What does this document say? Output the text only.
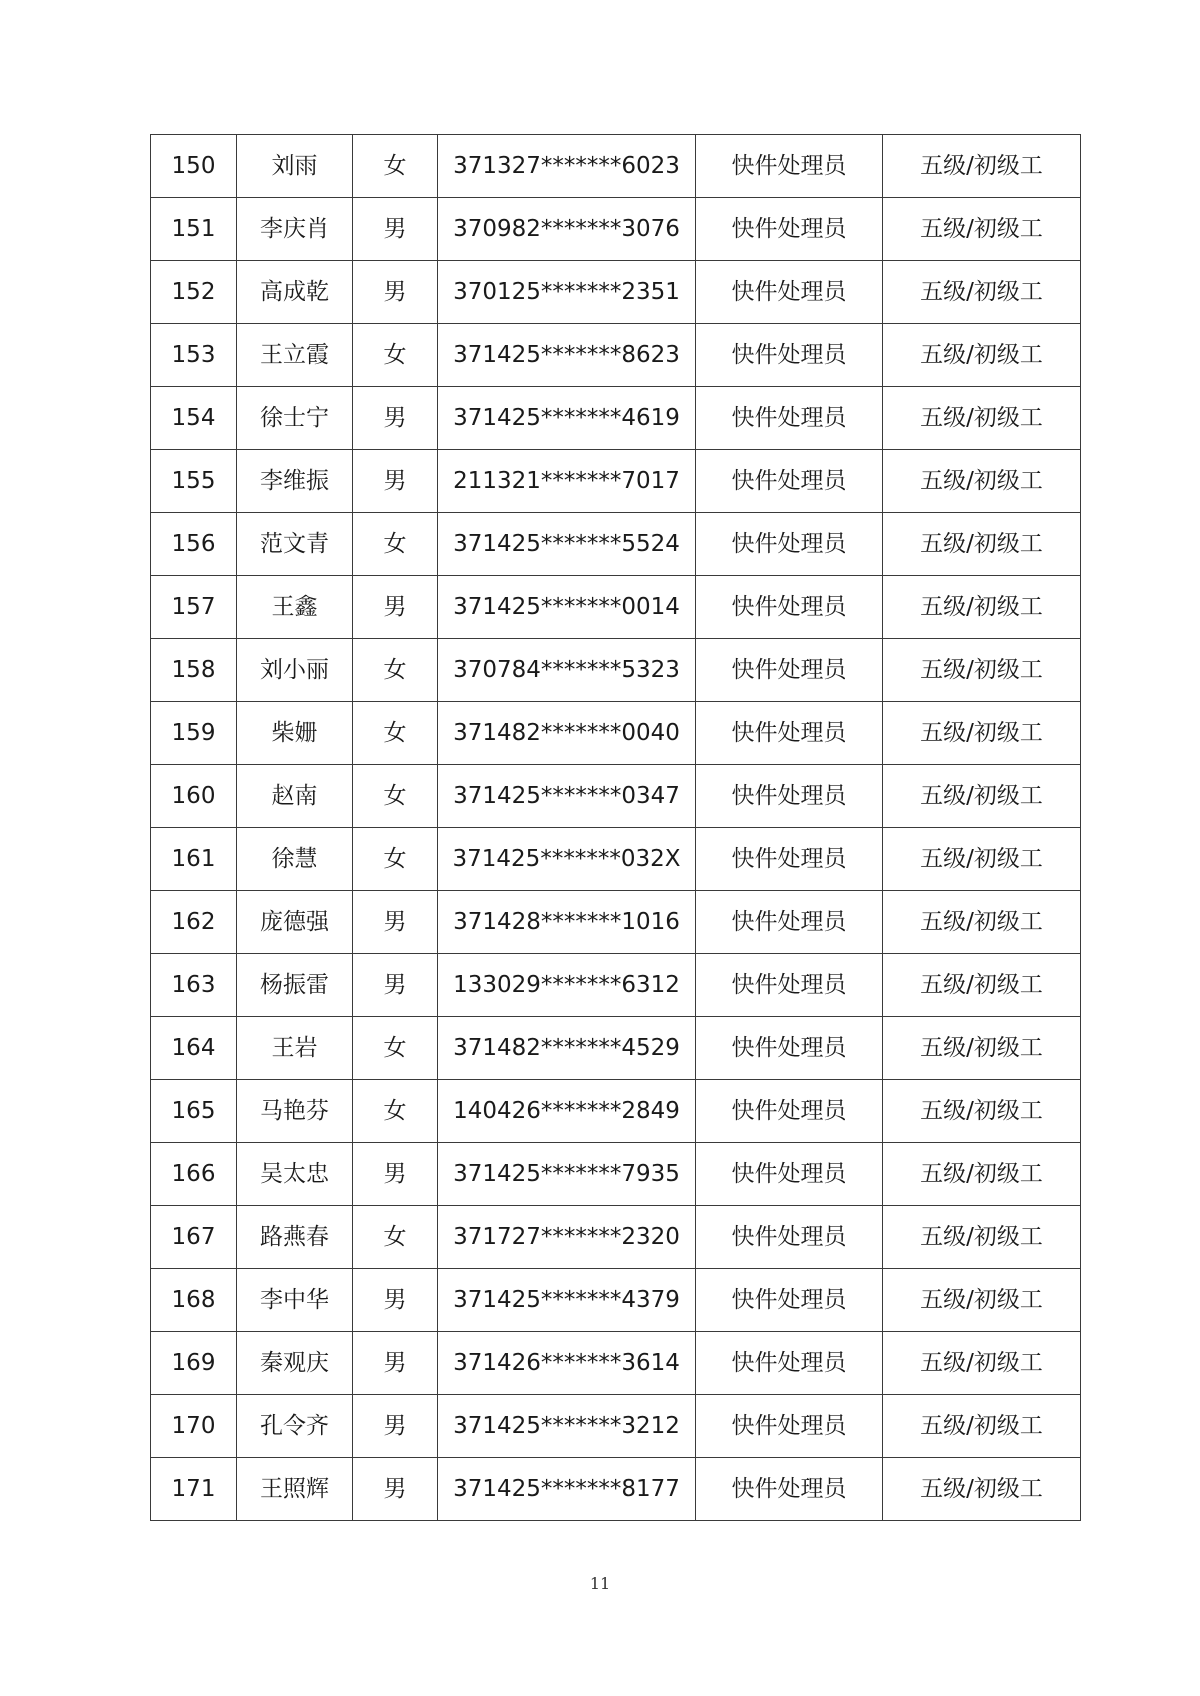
150	刘雨	女	371327*******6023	快件处理员	五级/初级工
151	李庆肖	男	370982*******3076	快件处理员	五级/初级工
152	高成乾	男	370125*******2351	快件处理员	五级/初级工
153	王立霞	女	371425*******8623	快件处理员	五级/初级工
154	徐士宁	男	371425*******4619	快件处理员	五级/初级工
155	李维振	男	211321*******7017	快件处理员	五级/初级工
156	范文青	女	371425*******5524	快件处理员	五级/初级工
157	王鑫	男	371425*******0014	快件处理员	五级/初级工
158	刘小丽	女	370784*******5323	快件处理员	五级/初级工
159	柴姗	女	371482*******0040	快件处理员	五级/初级工
160	赵南	女	371425*******0347	快件处理员	五级/初级工
161	徐慧	女	371425*******032X	快件处理员	五级/初级工
162	庞德强	男	371428*******1016	快件处理员	五级/初级工
163	杨振雷	男	133029*******6312	快件处理员	五级/初级工
164	王岩	女	371482*******4529	快件处理员	五级/初级工
165	马艳芬	女	140426*******2849	快件处理员	五级/初级工
166	吴太忠	男	371425*******7935	快件处理员	五级/初级工
167	路燕春	女	371727*******2320	快件处理员	五级/初级工
168	李中华	男	371425*******4379	快件处理员	五级/初级工
169	秦观庆	男	371426*******3614	快件处理员	五级/初级工
170	孔令齐	男	371425*******3212	快件处理员	五级/初级工
171	王照辉	男	371425*******8177	快件处理员	五级/初级工
11
